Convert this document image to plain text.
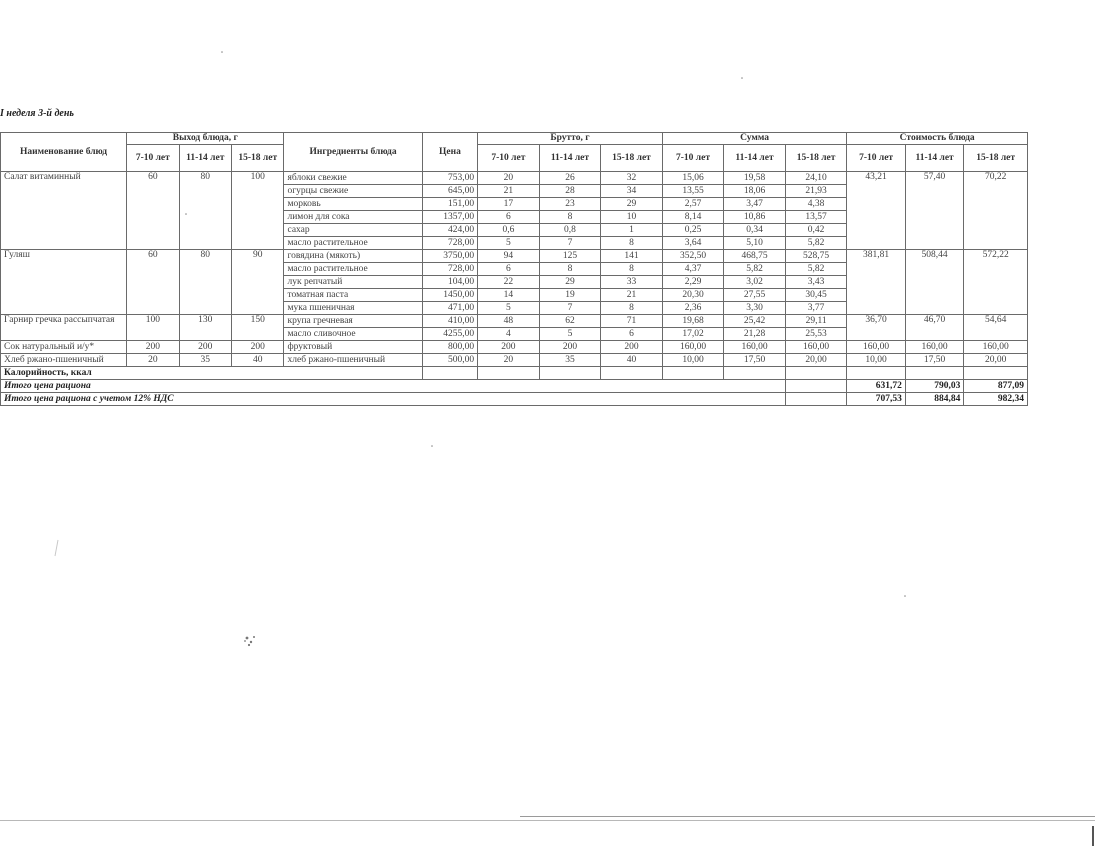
I неделя 3-й день
Наименование блюд	Выход блюда, г			Ингредиенты блюда	Цена	Брутто, г			Сумма			Стоимость блюда		
	7-10 лет	11-14 лет	15-18 лет			7-10 лет	11-14 лет	15-18 лет	7-10 лет	11-14 лет	15-18 лет	7-10 лет	11-14 лет	15-18 лет
Салат витаминный	60	80	100	яблоки свежие	753,00	20	26	32	15,06	19,58	24,10	43,21	57,40	70,22
				огурцы свежие	645,00	21	28	34	13,55	18,06	21,93			
				морковь	151,00	17	23	29	2,57	3,47	4,38			
				лимон для сока	1357,00	6	8	10	8,14	10,86	13,57			
				сахар	424,00	0,6	0,8	1	0,25	0,34	0,42			
				масло растительное	728,00	5	7	8	3,64	5,10	5,82			
Гуляш	60	80	90	говядина (мякоть)	3750,00	94	125	141	352,50	468,75	528,75	381,81	508,44	572,22
				масло растительное	728,00	6	8	8	4,37	5,82	5,82			
				лук репчатый	104,00	22	29	33	2,29	3,02	3,43			
				томатная паста	1450,00	14	19	21	20,30	27,55	30,45			
				мука пшеничная	471,00	5	7	8	2,36	3,30	3,77			
Гарнир гречка рассыпчатая	100	130	150	крупа гречневая	410,00	48	62	71	19,68	25,42	29,11	36,70	46,70	54,64
				масло сливочное	4255,00	4	5	6	17,02	21,28	25,53			
Сок натуральный и/у*	200	200	200	фруктовый	800,00	200	200	200	160,00	160,00	160,00	160,00	160,00	160,00
Хлеб ржано-пшеничный	20	35	40	хлеб ржано-пшеничный	500,00	20	35	40	10,00	17,50	20,00	10,00	17,50	20,00
Калорийность, ккал														
Итого цена рациона												631,72	790,03	877,09
Итого цена рациона с учетом 12% НДС												707,53	884,84	982,34
